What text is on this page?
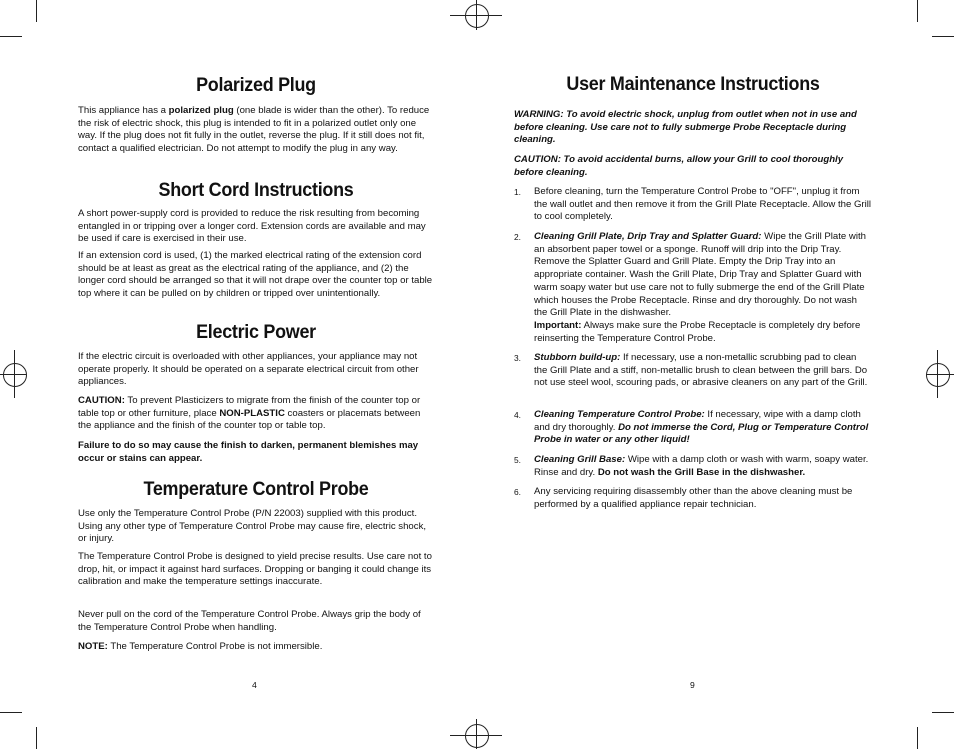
Polarized Plug

This appliance has a polarized plug (one blade is wider than the other). To reduce the risk of electric shock, this plug is intended to fit in a polarized outlet only one way. If the plug does not fit fully in the outlet, reverse the plug. If it still does not fit, contact a qualified electrician. Do not attempt to modify the plug in any way.

Short Cord Instructions

A short power-supply cord is provided to reduce the risk resulting from becoming entangled in or tripping over a longer cord. Extension cords are available and may be used if care is exercised in their use.

If an extension cord is used, (1) the marked electrical rating of the extension cord should be at least as great as the electrical rating of the appliance, and (2) the longer cord should be arranged so that it will not drape over the counter top or table top where it can be pulled on by children or tripped over unintentionally.

Electric Power

If the electric circuit is overloaded with other appliances, your appliance may not operate properly. It should be operated on a separate electrical circuit from other appliances.

CAUTION: To prevent Plasticizers to migrate from the finish of the counter top or table top or other furniture, place NON-PLASTIC coasters or placemats between the appliance and the finish of the counter top or table top.

Failure to do so may cause the finish to darken, permanent blemishes may occur or stains can appear.

Temperature Control Probe

Use only the Temperature Control Probe (P/N 22003) supplied with this product. Using any other type of Temperature Control Probe may cause fire, electric shock, or injury.

The Temperature Control Probe is designed to yield precise results. Use care not to drop, hit, or impact it against hard surfaces. Dropping or banging it could change its calibration and make the temperature settings inaccurate.

Never pull on the cord of the Temperature Control Probe. Always grip the body of the Temperature Control Probe when handling.

NOTE: The Temperature Control Probe is not immersible.

4
User Maintenance Instructions

WARNING: To avoid electric shock, unplug from outlet when not in use and before cleaning. Use care not to fully submerge Probe Receptacle during cleaning.

CAUTION: To avoid accidental burns, allow your Grill to cool thoroughly before cleaning.

1. Before cleaning, turn the Temperature Control Probe to "OFF", unplug it from the wall outlet and then remove it from the Grill Plate Receptacle. Allow the Grill to cool completely.
2. Cleaning Grill Plate, Drip Tray and Splatter Guard: Wipe the Grill Plate with an absorbent paper towel or a sponge. Runoff will drip into the Drip Tray. Remove the Splatter Guard and Grill Plate. Empty the Drip Tray into an appropriate container. Wash the Grill Plate, Drip Tray and Splatter Guard with warm soapy water but use care not to fully submerge the end of the Grill Plate which houses the Probe Receptacle. Rinse and dry thoroughly. Do not wash the Grill Plate in the dishwasher.
Important: Always make sure the Probe Receptacle is completely dry before reinserting the Temperature Control Probe.
3. Stubborn build-up: If necessary, use a non-metallic scrubbing pad to clean the Grill Plate and a stiff, non-metallic brush to clean between the grill bars. Do not use steel wool, scouring pads, or abrasive cleaners on any part of the Grill.
4. Cleaning Temperature Control Probe: If necessary, wipe with a damp cloth and dry thoroughly. Do not immerse the Cord, Plug or Temperature Control Probe in water or any other liquid!
5. Cleaning Grill Base: Wipe with a damp cloth or wash with warm, soapy water. Rinse and dry. Do not wash the Grill Base in the dishwasher.
6. Any servicing requiring disassembly other than the above cleaning must be performed by a qualified appliance repair technician.
9
